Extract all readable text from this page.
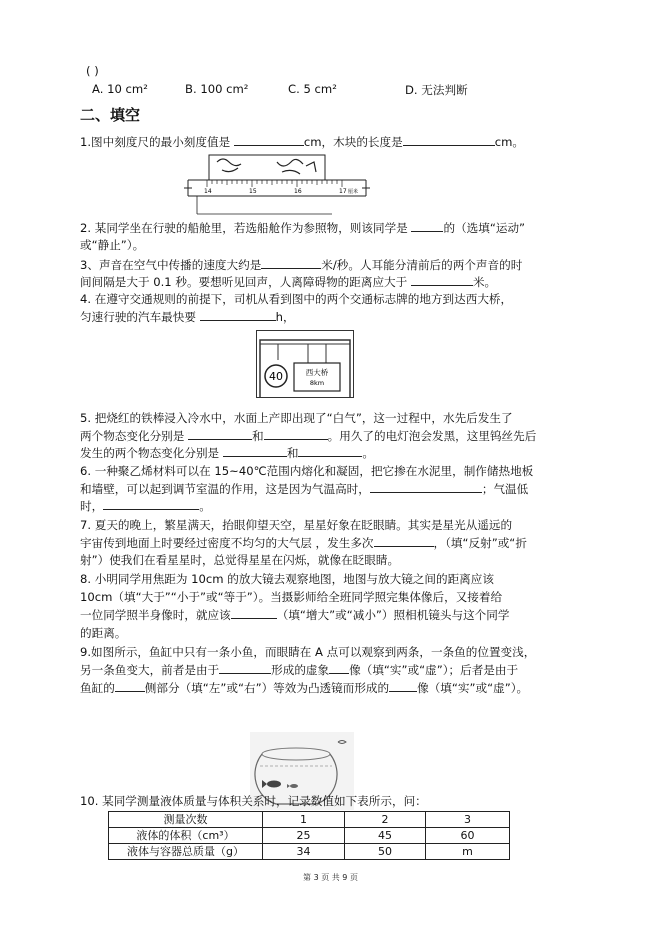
( )
A. 10 cm²	B. 100 cm²	C. 5 cm²	D. 无法判断
二、填空
1.图中刻度尺的最小刻度值是	cm，木块的长度是	cm。
14	15	16	17 厘米
2. 某同学坐在行驶的船舱里，若选船舱作为参照物，则该同学是	的（选填“运动”
或“静止”）。
3、声音在空气中传播的速度大约是	米/秒。人耳能分清前后的两个声音的时
间间隔是大于 0.1 秒。要想听见回声，人离障碍物的距离应大于	米。
4. 在遵守交通规则的前提下，司机从看到图中的两个交通标志牌的地方到达西大桥，
匀速行驶的汽车最快要	h，
40	西大桥
8km
5. 把烧红的铁棒浸入冷水中，水面上产即出现了“白气”，这一过程中，水先后发生了
两个物态变化分别是	和	。用久了的电灯泡会发黑，这里钨丝先后
发生的两个物态变化分别是	和	。
6. 一种聚乙烯材料可以在 15~40℃范围内熔化和凝固，把它掺在水泥里，制作储热地板
和墙壁，可以起到调节室温的作用，这是因为气温高时，	；气温低
时，	。
7. 夏天的晚上，繁星满天，抬眼仰望天空，星星好象在眨眼睛。其实是星光从遥远的
宇宙传到地面上时要经过密度不均匀的大气层 ，发生多次	，（填“反射”或“折
射”）使我们在看星星时，总觉得星星在闪烁，就像在眨眼睛。
8. 小明同学用焦距为 10cm 的放大镜去观察地图，地图与放大镜之间的距离应该
10cm（填“大于”“小于”或“等于”）。当摄影师给全班同学照完集体像后，又接着给
一位同学照半身像时，就应该	（填“增大”或“减小”）照相机镜头与这个同学
的距离。
9.如图所示，鱼缸中只有一条小鱼，而眼睛在 A 点可以观察到两条，一条鱼的位置变浅，
另一条鱼变大，前者是由于	形成的虚象 像（填“实”或“虚”）；后者是由于
鱼缸的	侧部分（填“左”或“右”）等效为凸透镜而形成的 像（填“实”或“虚”）。
10. 某同学测量液体质量与体积关系时，记录数值如下表所示，问：
测量次数	1	2	3
液体的体积（cm³）	25	45	60
液体与容器总质量（g）	34	50	m
第 3 页 共 9 页
